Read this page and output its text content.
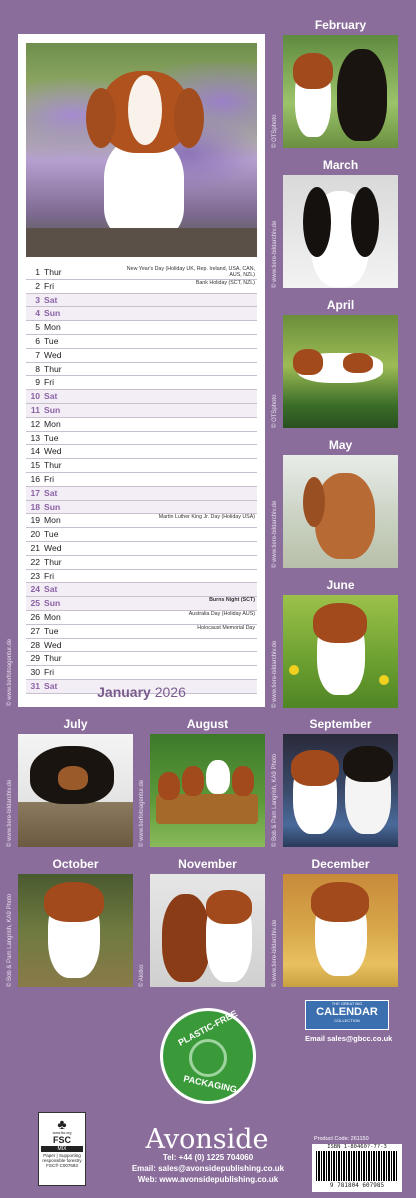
1 Thur	New Year's Day (Holiday UK, Rep. Ireland, USA, CAN, AUS, NZL)
2 Fri	Bank Holiday (SCT, NZL)
3 Sat
4 Sun
5 Mon
6 Tue
7 Wed
8 Thur
9 Fri
10 Sat
11 Sun
12 Mon
13 Tue
14 Wed
15 Thur
16 Fri
17 Sat
18 Sun
19 Mon	Martin Luther King Jr. Day (Holiday USA)
20 Tue
21 Wed
22 Thur
23 Fri
24 Sat
25 Sun	Burns Night (SCT)
26 Mon	Australia Day (Holiday AUS)
27 Tue	Holocaust Memorial Day
28 Wed
29 Thur
30 Fri
31 Sat	January 2026
© www.tierfotoagentur.de
February
© OTSphoto
March
© www.tiere-bildarchiv.de
April
© OTSphoto
May
© www.tiere-bildarchiv.de
June
© www.tiere-bildarchiv.de
July
© www.tiere-bildarchiv.de
August
© www.tierfotoagentur.de
September
© Bob & Pam Langrish, KA9 Photo
October
© Bob & Pam Langrish, KA9 Photo
November
© Alotko
December
© www.tiere-bildarchiv.de
THE GREAT BIG
CALENDAR
COLLECTION
Email sales@gbcc.co.uk
PLASTIC-FREE
PACKAGING
♣
www.fsc.org
FSC
MIX
Paper | Supporting responsible forestry
FSC® C007683
Avonside
Tel: +44 (0) 1225 704060
Email: sales@avonsidepublishing.co.uk
Web: www.avonsidepublishing.co.uk
Product Code: 261150
ISBN 1-80460?-7?-3
9 781804 607985
